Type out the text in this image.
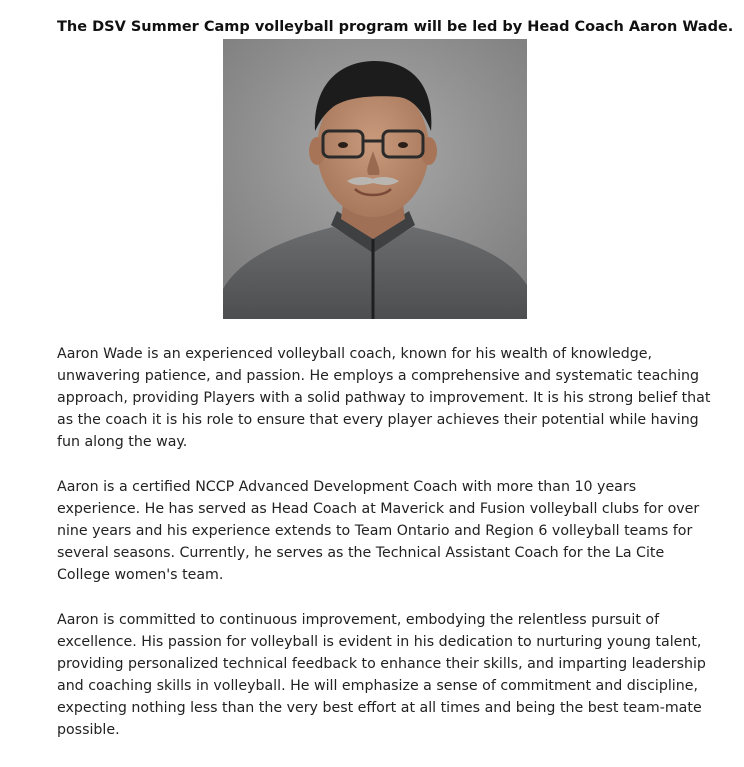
The DSV Summer Camp volleyball program will be led by Head Coach Aaron Wade.

Aaron Wade is an experienced volleyball coach, known for his wealth of knowledge, unwavering patience, and passion. He employs a comprehensive and systematic teaching approach, providing Players with a solid pathway to improvement. It is his strong belief that as the coach it is his role to ensure that every player achieves their potential while having fun along the way.

Aaron is a certified NCCP Advanced Development Coach with more than 10 years experience. He has served as Head Coach at Maverick and Fusion volleyball clubs for over nine years and his experience extends to Team Ontario and Region 6 volleyball teams for several seasons. Currently, he serves as the Technical Assistant Coach for the La Cite College women's team.

Aaron is committed to continuous improvement, embodying the relentless pursuit of excellence. His passion for volleyball is evident in his dedication to nurturing young talent, providing personalized technical feedback to enhance their skills, and imparting leadership and coaching skills in volleyball. He will emphasize a sense of commitment and discipline, expecting nothing less than the very best effort at all times and being the best team-mate possible.
